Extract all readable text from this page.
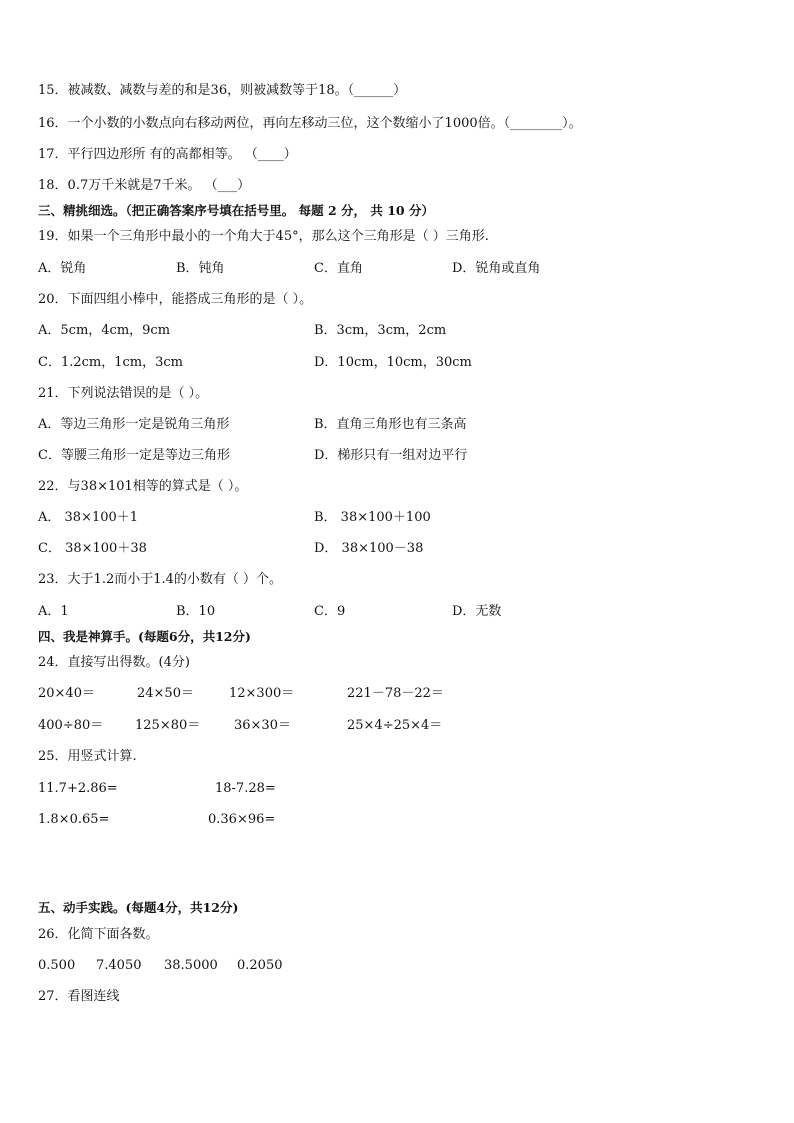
15．被减数、减数与差的和是36，则被减数等于18。（______）
16．一个小数的小数点向右移动两位，再向左移动三位，这个数缩小了1000倍。（________）。
17．平行四边形所 有的高都相等。 （____）
18．0.7万千米就是7千米。 （___）
三、精挑细选。（把正确答案序号填在括号里。 每题 2 分， 共 10 分）
19．如果一个三角形中最小的一个角大于45°，那么这个三角形是（ ）三角形.
A．锐角	B．钝角	C．直角	D．锐角或直角
20．下面四组小棒中，能搭成三角形的是（ ）。
A．5cm，4cm，9cm	B．3cm，3cm，2cm
C．1.2cm，1cm，3cm	D．10cm，10cm，30cm
21．下列说法错误的是（ ）。
A．等边三角形一定是锐角三角形	B．直角三角形也有三条高
C．等腰三角形一定是等边三角形	D．梯形只有一组对边平行
22．与38×101相等的算式是（ ）。
A． 38×100＋1	B． 38×100＋100
C． 38×100＋38	D． 38×100－38
23．大于1.2而小于1.4的小数有（ ）个。
A．1	B．10	C．9	D．无数
四、我是神算手。(每题6分，共12分)
24．直接写出得数。(4分)
20×40＝	24×50＝	12×300＝	221－78－22＝
400÷80＝ 125×80＝	36×30＝	25×4÷25×4＝
25．用竖式计算.
11.7+2.86=	18-7.28=
1.8×0.65=	0.36×96=
五、动手实践。(每题4分，共12分)
26．化简下面各数。
0.500 7.4050 38.5000 0.2050
27．看图连线
